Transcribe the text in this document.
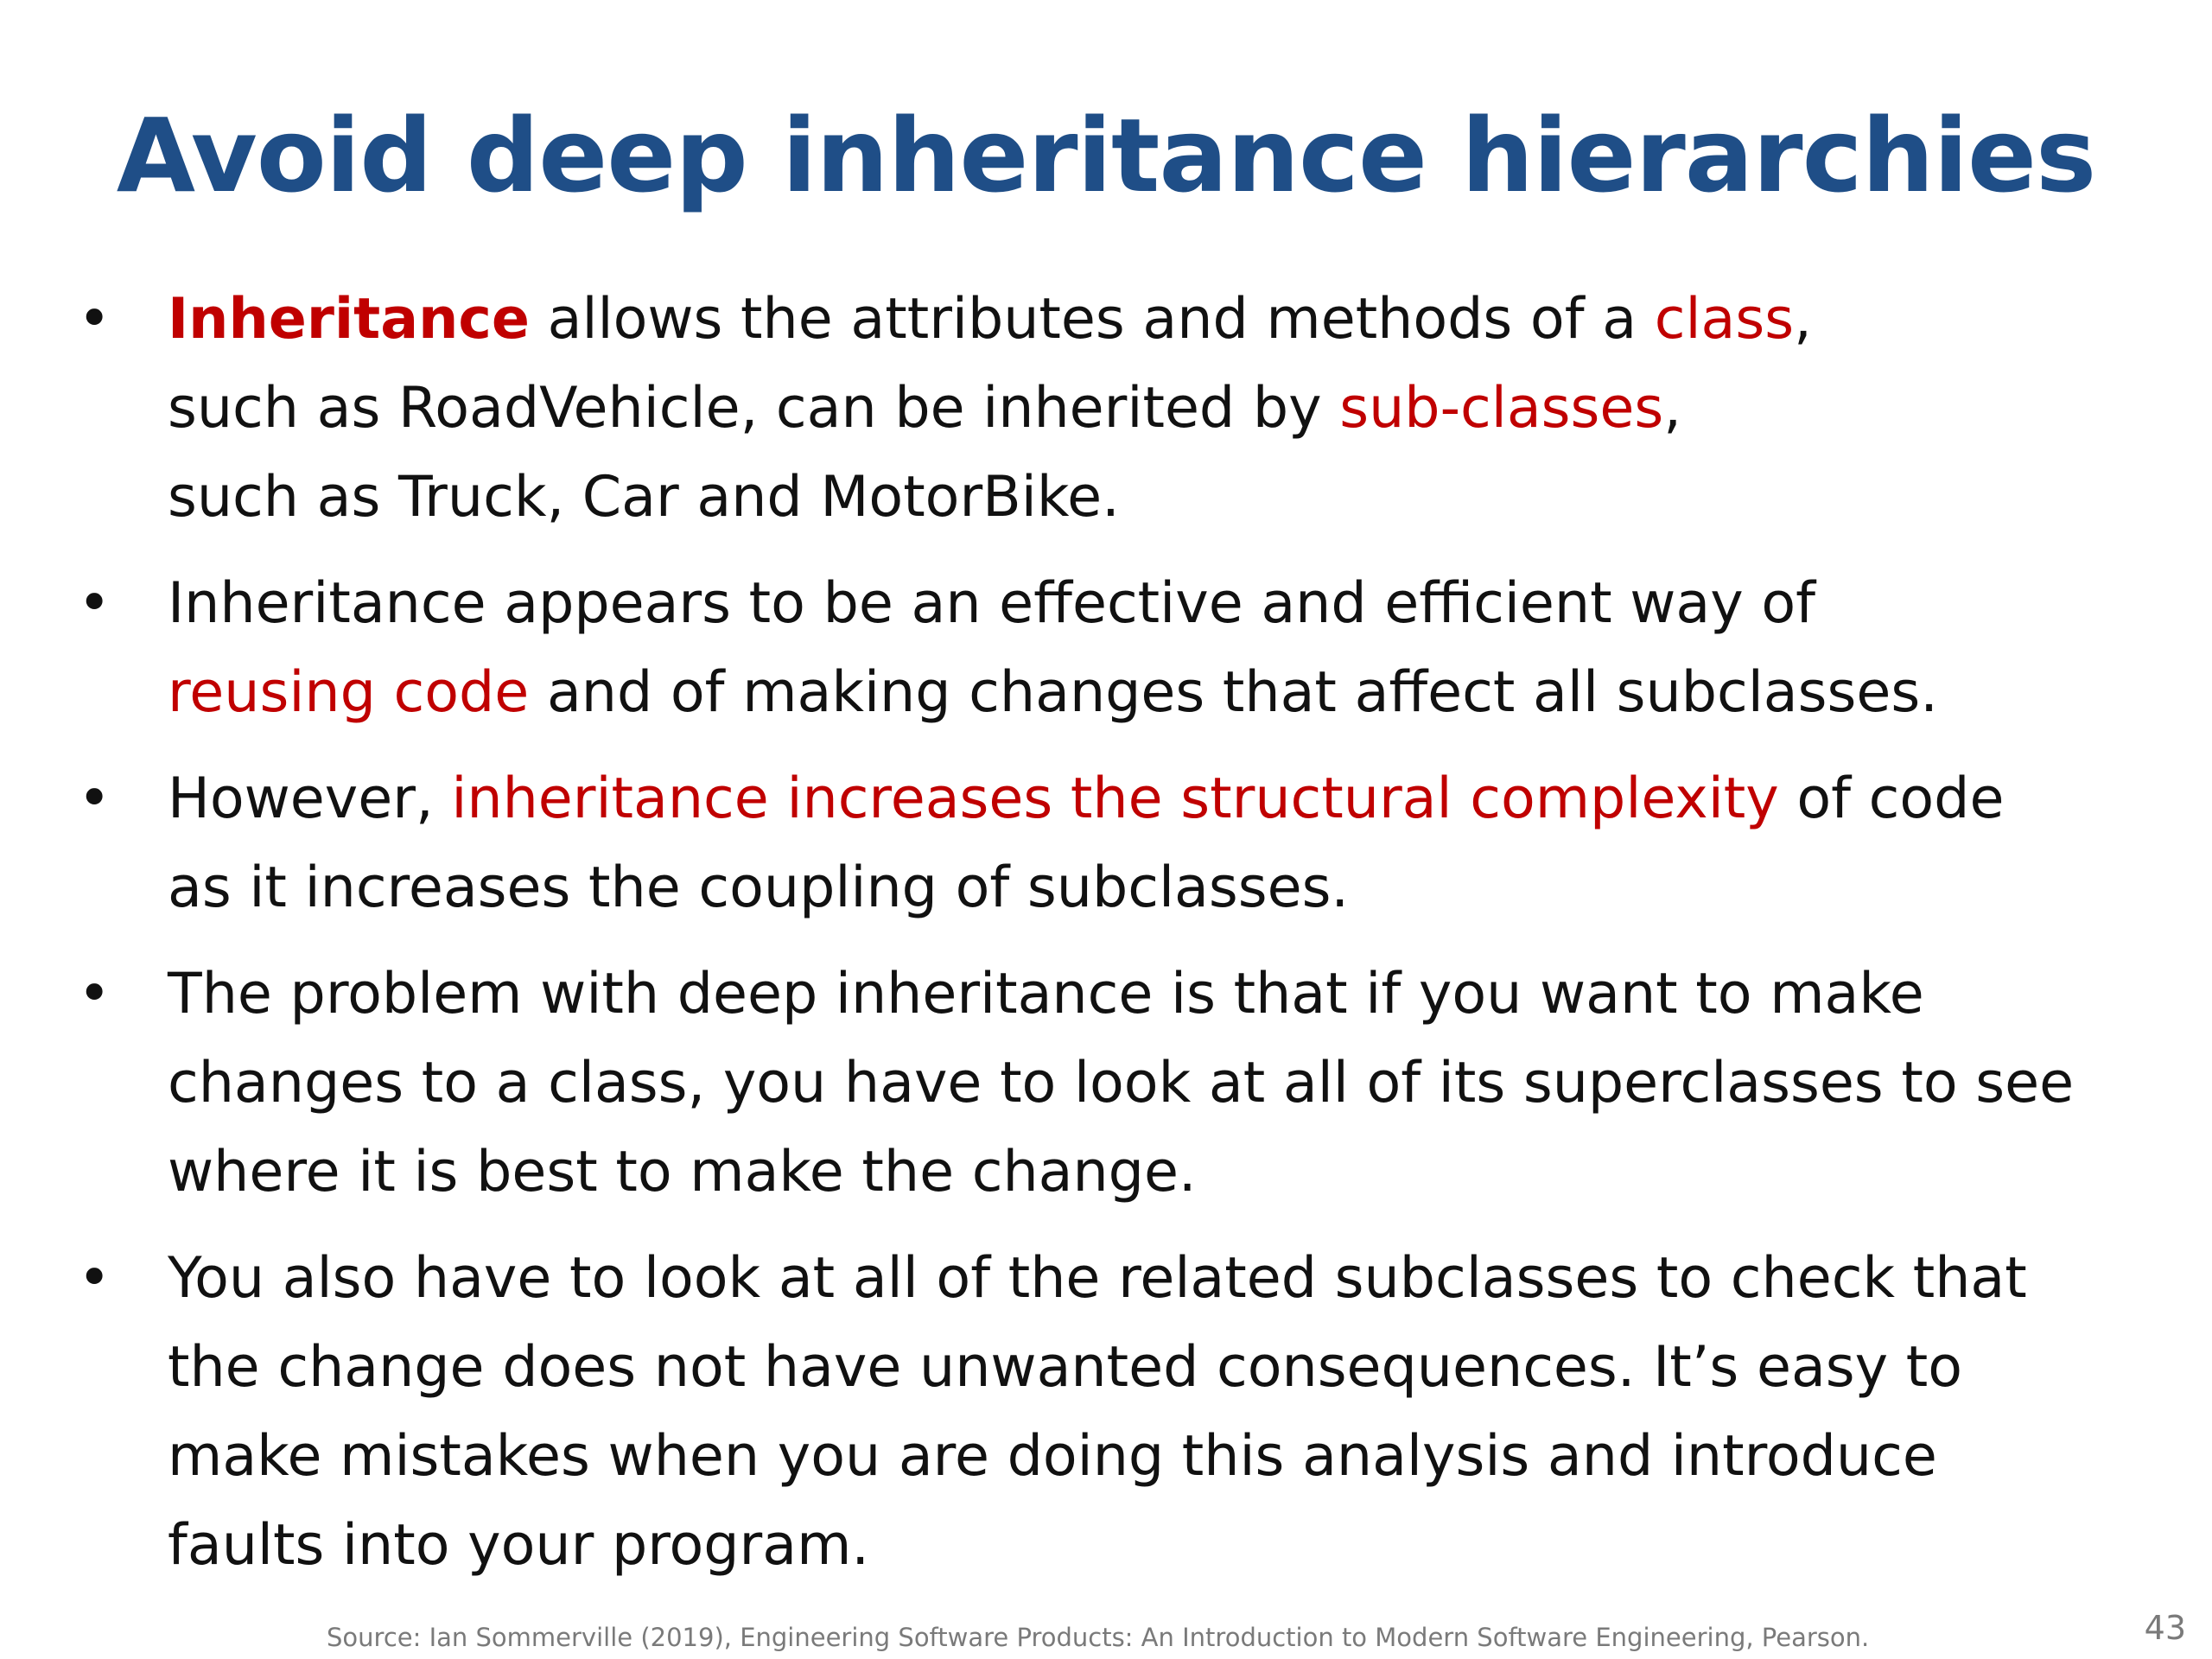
Avoid deep inheritance hierarchies
• Inheritance allows the attributes and methods of a class,
such as RoadVehicle, can be inherited by sub-classes,
such as Truck, Car and MotorBike.
• Inheritance appears to be an effective and efficient way of
reusing code and of making changes that affect all subclasses.
• However, inheritance increases the structural complexity of code
as it increases the coupling of subclasses.
• The problem with deep inheritance is that if you want to make
changes to a class, you have to look at all of its superclasses to see
where it is best to make the change.
• You also have to look at all of the related subclasses to check that
the change does not have unwanted consequences. It’s easy to
make mistakes when you are doing this analysis and introduce
faults into your program.
Source: Ian Sommerville (2019), Engineering Software Products: An Introduction to Modern Software Engineering, Pearson.	43
